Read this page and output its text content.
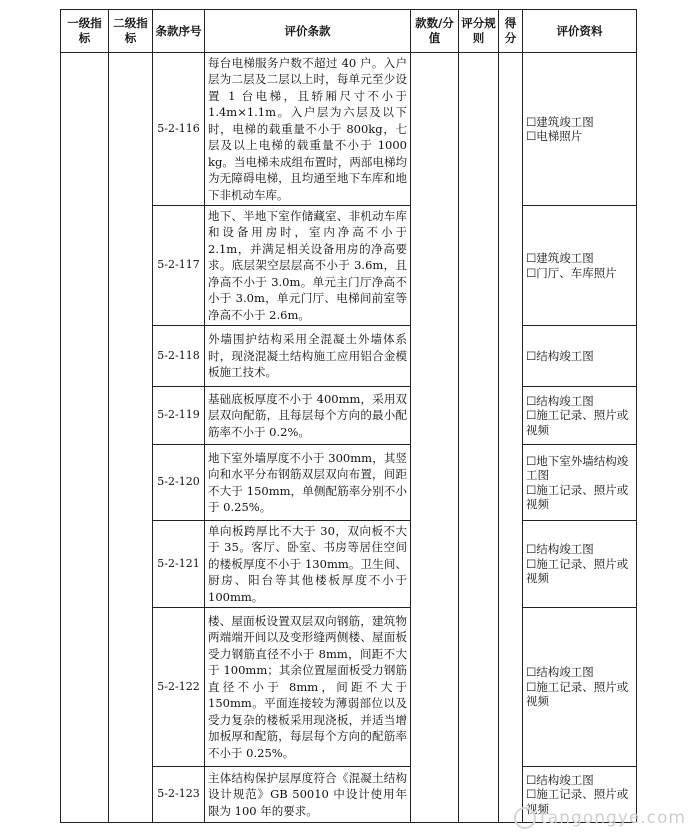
一级指标	二级指标	条款序号	评价条款	款数/分值	评分规则	得分	评价资料
		5-2-116	每台电梯服务户数不超过 40 户。入户层为二层及二层以上时，每单元至少设置 1 台电梯，且轿厢尺寸不小于 1.4m×1.1m。入户层为六层及以下时，电梯的载重量不小于 800kg，七层及以上电梯的载重量不小于 1000 kg。当电梯未成组布置时，两部电梯均为无障碍电梯，且均通至地下车库和地下非机动车库。				☐建筑竣工图
☐电梯照片

		5-2-117	地下、半地下室作储藏室、非机动车库和设备用房时，室内净高不小于 2.1m，并满足相关设备用房的净高要求。底层架空层层高不小于 3.6m，且净高不小于 3.0m。单元主门厅净高不小于 3.0m，单元门厅、电梯间前室等净高不小于 2.6m。				☐建筑竣工图
☐门厅、车库照片

		5-2-118	外墙围护结构采用全混凝土外墙体系时，现浇混凝土结构施工应用铝合金模板施工技术。				☐结构竣工图

		5-2-119	基础底板厚度不小于 400mm，采用双层双向配筋，且每层每个方向的最小配筋率不小于 0.2%。				☐结构竣工图
☐施工记录、照片或视频

		5-2-120	地下室外墙厚度不小于 300mm，其竖向和水平分布钢筋双层双向布置，间距不大于 150mm，单侧配筋率分别不小于 0.25%。				☐地下室外墙结构竣工图
☐施工记录、照片或视频

		5-2-121	单向板跨厚比不大于 30，双向板不大于 35。客厅、卧室、书房等居住空间的楼板厚度不小于 130mm。卫生间、厨房、阳台等其他楼板厚度不小于 100mm。				☐结构竣工图
☐施工记录、照片或视频

		5-2-122	楼、屋面板设置双层双向钢筋，建筑物两端端开间以及变形缝两侧楼、屋面板受力钢筋直径不小于 8mm，间距不大于 100mm；其余位置屋面板受力钢筋直径不小于 8mm，间距不大于 150mm。平面连接较为薄弱部位以及受力复杂的楼板采用现浇板，并适当增加板厚和配筋，每层每个方向的配筋率不小于 0.25%。				☐结构竣工图
☐施工记录、照片或视频

		5-2-123	主体结构保护层厚度符合《混凝土结构设计规范》GB 50010 中设计使用年限为 100 年的要求。				☐结构竣工图
☐施工记录、照片或视频
tangongye.com
